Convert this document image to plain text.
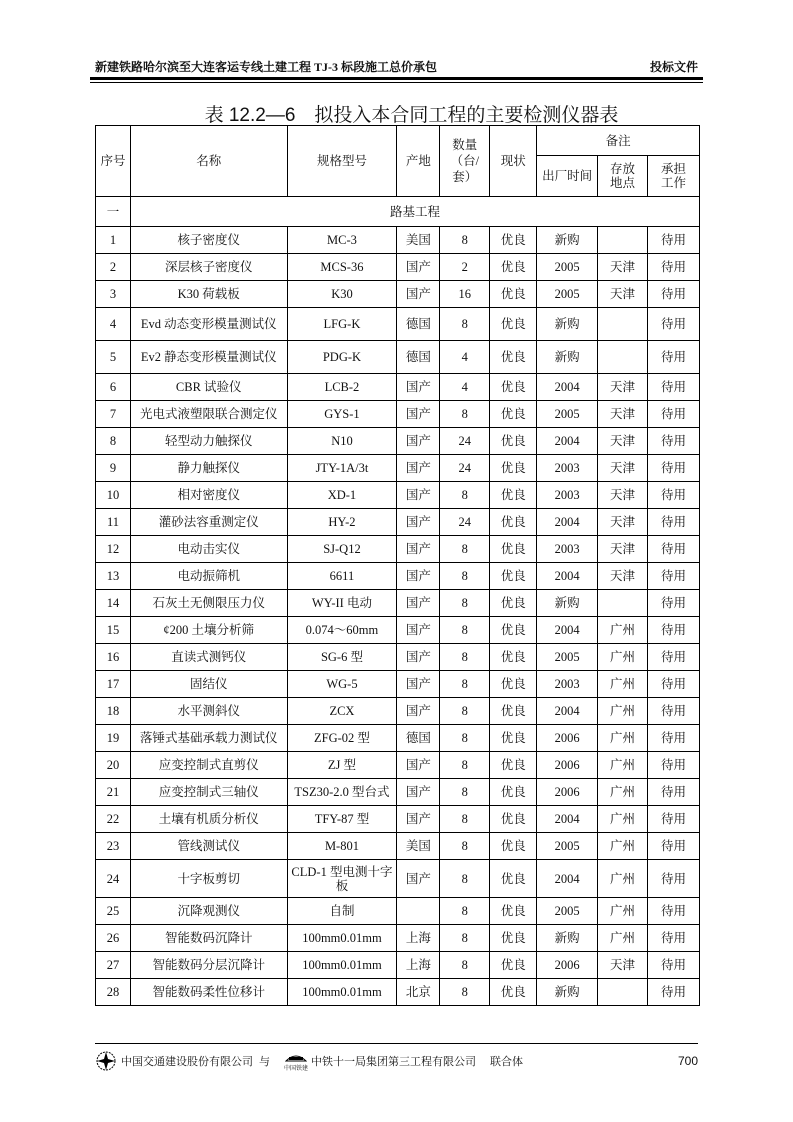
新建铁路哈尔滨至大连客运专线土建工程 TJ-3 标段施工总价承包	投标文件
表 12.2—6　拟投入本合同工程的主要检测仪器表
序号	名称	规格型号	产地	数量（台/套）	现状	备注		
						出厂时间	存放地点	承担工作
一	路基工程							
1	核子密度仪	MC-3	美国	8	优良	新购		待用
2	深层核子密度仪	MCS-36	国产	2	优良	2005	天津	待用
3	K30 荷载板	K30	国产	16	优良	2005	天津	待用
4	Evd 动态变形模量测试仪	LFG-K	德国	8	优良	新购		待用
5	Ev2 静态变形模量测试仪	PDG-K	德国	4	优良	新购		待用
6	CBR 试验仪	LCB-2	国产	4	优良	2004	天津	待用
7	光电式液塑限联合测定仪	GYS-1	国产	8	优良	2005	天津	待用
8	轻型动力触探仪	N10	国产	24	优良	2004	天津	待用
9	静力触探仪	JTY-1A/3t	国产	24	优良	2003	天津	待用
10	相对密度仪	XD-1	国产	8	优良	2003	天津	待用
11	灌砂法容重测定仪	HY-2	国产	24	优良	2004	天津	待用
12	电动击实仪	SJ-Q12	国产	8	优良	2003	天津	待用
13	电动振筛机	6611	国产	8	优良	2004	天津	待用
14	石灰土无侧限压力仪	WY-II 电动	国产	8	优良	新购		待用
15	¢200 土壤分析筛	0.074～60mm	国产	8	优良	2004	广州	待用
16	直读式测钙仪	SG-6 型	国产	8	优良	2005	广州	待用
17	固结仪	WG-5	国产	8	优良	2003	广州	待用
18	水平测斜仪	ZCX	国产	8	优良	2004	广州	待用
19	落锤式基础承载力测试仪	ZFG-02 型	德国	8	优良	2006	广州	待用
20	应变控制式直剪仪	ZJ 型	国产	8	优良	2006	广州	待用
21	应变控制式三轴仪	TSZ30-2.0 型台式	国产	8	优良	2006	广州	待用
22	土壤有机质分析仪	TFY-87 型	国产	8	优良	2004	广州	待用
23	管线测试仪	M-801	美国	8	优良	2005	广州	待用
24	十字板剪切	CLD-1 型电测十字板	国产	8	优良	2004	广州	待用
25	沉降观测仪	自制		8	优良	2005	广州	待用
26	智能数码沉降计	100mm0.01mm	上海	8	优良	新购	广州	待用
27	智能数码分层沉降计	100mm0.01mm	上海	8	优良	2006	天津	待用
28	智能数码柔性位移计	100mm0.01mm	北京	8	优良	新购		待用
中国交通建设股份有限公司 与
中国铁建
中铁十一局集团第三工程有限公司 联合体	700
